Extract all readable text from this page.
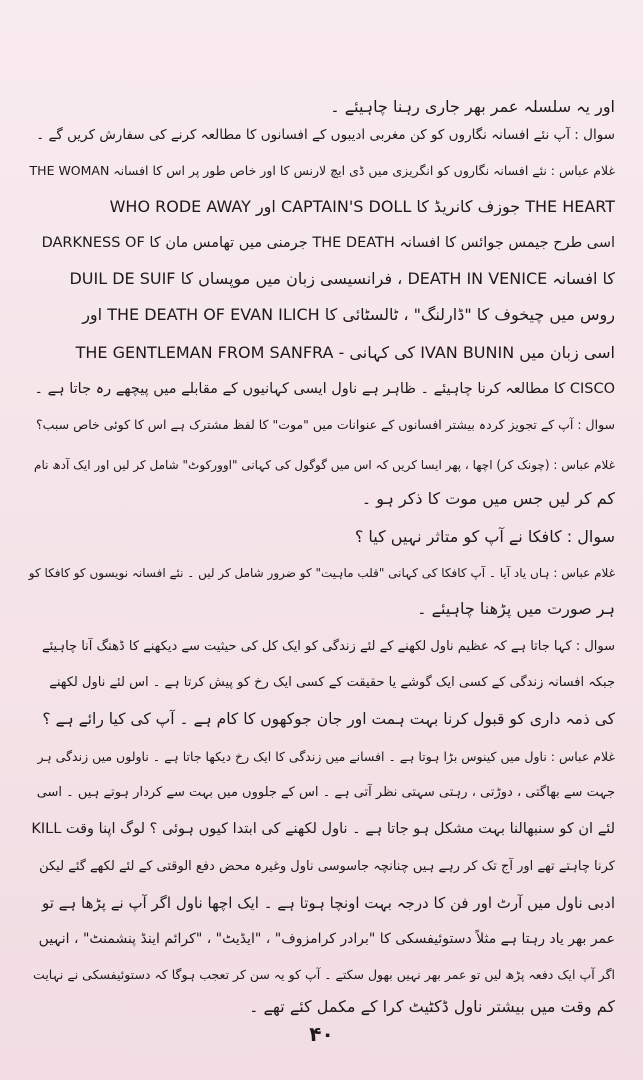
اور یہ سلسلہ عمر بھر جاری رہنا چاہیئے ۔
سوال : آپ نئے افسانہ نگاروں کو کن مغربی ادیبوں کے افسانوں کا مطالعہ کرنے کی سفارش کریں گے ۔
غلام عباس : نئے افسانہ نگاروں کو انگریزی میں ڈی ایچ لارنس کا اور خاص طور پر اس کا افسانہ THE WOMAN
THE HEART جوزف کانریڈ کا CAPTAIN'S DOLL اور WHO RODE AWAY
اسی طرح جیمس جوائس کا افسانہ THE DEATH جرمنی میں تھامس مان کا DARKNESS OF
کا افسانہ DEATH IN VENICE ، فرانسیسی زبان میں موپساں کا DUIL DE SUIF
روس میں چیخوف کا "ڈارلنگ" ، ٹالسٹائی کا THE DEATH OF EVAN ILICH اور
اسی زبان میں IVAN BUNIN کی کہانی - THE GENTLEMAN FROM SANFRA
CISCO کا مطالعہ کرنا چاہیئے ۔ ظاہر ہے ناول ایسی کہانیوں کے مقابلے میں پیچھے رہ جاتا ہے ۔
سوال : آپ کے تجویز کردہ بیشتر افسانوں کے عنوانات میں "موت" کا لفظ مشترک ہے اس کا کوئی خاص سبب؟
غلام عباس : (چونک کر) اچھا ، پھر ایسا کریں کہ اس میں گوگول کی کہانی "اوورکوٹ" شامل کر لیں اور ایک آدھ نام
کم کر لیں جس میں موت کا ذکر ہو ۔
سوال : کافکا نے آپ کو متاثر نہیں کیا ؟
غلام عباس : ہاں یاد آیا ۔ آپ کافکا کی کہانی "قلب ماہیت" کو ضرور شامل کر لیں ۔ نئے افسانہ نویسوں کو کافکا کو
ہر صورت میں پڑھنا چاہیئے ۔
سوال : کہا جاتا ہے کہ عظیم ناول لکھنے کے لئے زندگی کو ایک کل کی حیثیت سے دیکھنے کا ڈھنگ آنا چاہیئے
جبکہ افسانہ زندگی کے کسی ایک گوشے یا حقیقت کے کسی ایک رخ کو پیش کرتا ہے ۔ اس لئے ناول لکھنے
کی ذمہ داری کو قبول کرنا بہت ہمت اور جان جوکھوں کا کام ہے ۔ آپ کی کیا رائے ہے ؟
غلام عباس : ناول میں کینوس بڑا ہوتا ہے ۔ افسانے میں زندگی کا ایک رخ دیکھا جاتا ہے ۔ ناولوں میں زندگی ہر
جہت سے بھاگتی ، دوڑتی ، رہتی سہتی نظر آتی ہے ۔ اس کے جلووں میں بہت سے کردار ہوتے ہیں ۔ اسی
لئے ان کو سنبھالنا بہت مشکل ہو جاتا ہے ۔ ناول لکھنے کی ابتدا کیوں ہوئی ؟ لوگ اپنا وقت KILL
کرنا چاہتے تھے اور آج تک کر رہے ہیں چنانچہ جاسوسی ناول وغیرہ محض دفع الوقتی کے لئے لکھے گئے لیکن
ادبی ناول میں آرٹ اور فن کا درجہ بہت اونچا ہوتا ہے ۔ ایک اچھا ناول اگر آپ نے پڑھا ہے تو
عمر بھر یاد رہتا ہے مثلاً دستوئیفسکی کا "برادر کرامزوف" ، "ایڈیٹ" ، "کرائم اینڈ پنشمنٹ" ، انہیں
اگر آپ ایک دفعہ پڑھ لیں تو عمر بھر نہیں بھول سکتے ۔ آپ کو یہ سن کر تعجب ہوگا کہ دستوئیفسکی نے نہایت
کم وقت میں بیشتر ناول ڈکٹیٹ کرا کے مکمل کئے تھے ۔
۴۰
